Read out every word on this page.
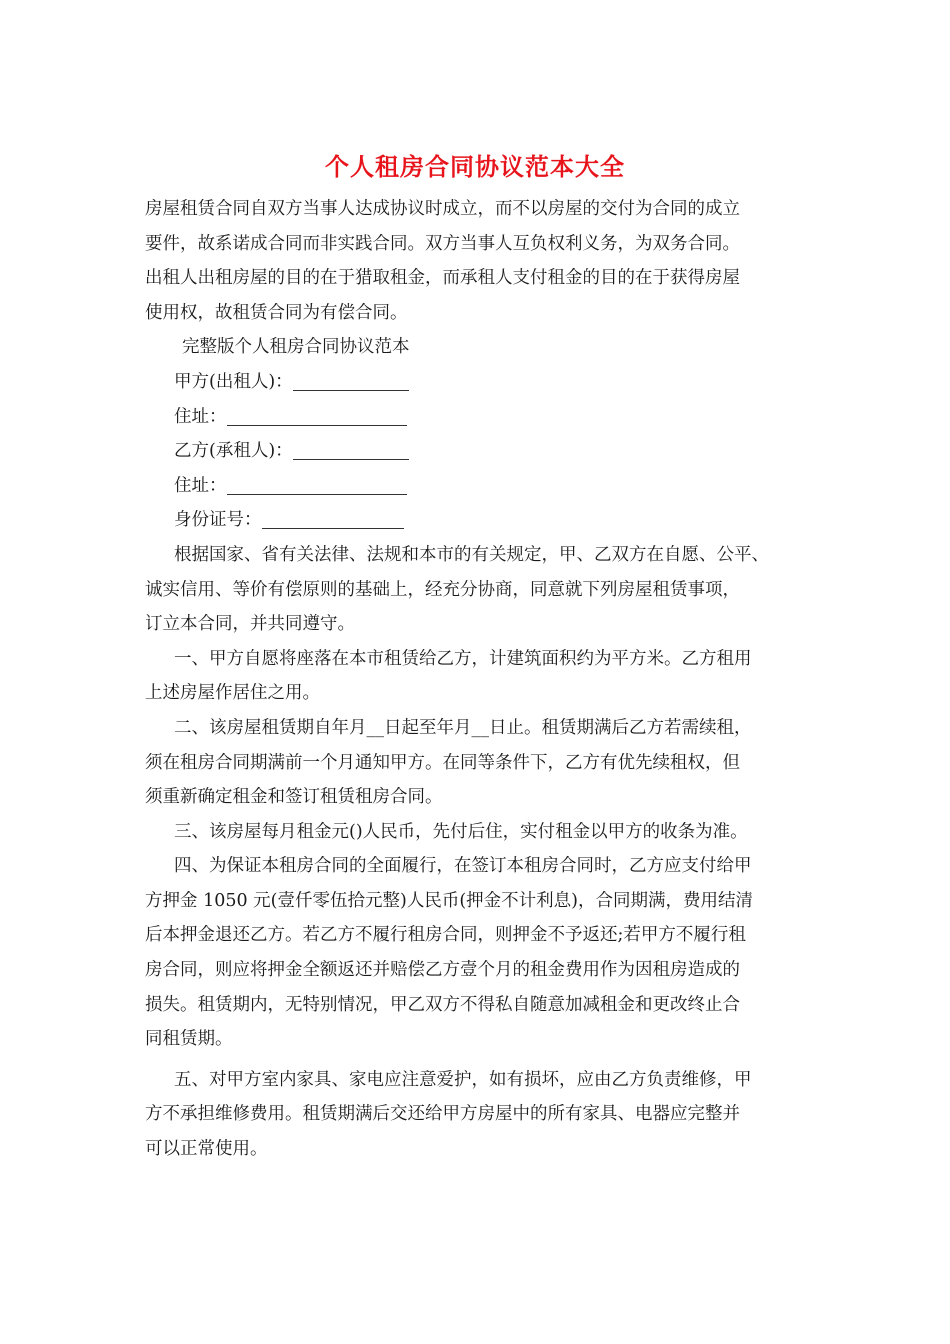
个人租房合同协议范本大全
房屋租赁合同自双方当事人达成协议时成立，而不以房屋的交付为合同的成立
要件，故系诺成合同而非实践合同。双方当事人互负权利义务，为双务合同。
出租人出租房屋的目的在于猎取租金，而承租人支付租金的目的在于获得房屋
使用权，故租赁合同为有偿合同。
完整版个人租房合同协议范本
甲方(出租人)：
住址：
乙方(承租人)：
住址：
身份证号：
根据国家、省有关法律、法规和本市的有关规定，甲、乙双方在自愿、公平、
诚实信用、等价有偿原则的基础上，经充分协商，同意就下列房屋租赁事项，
订立本合同，并共同遵守。
一、甲方自愿将座落在本市租赁给乙方，计建筑面积约为平方米。乙方租用
上述房屋作居住之用。
二、该房屋租赁期自年月__日起至年月__日止。租赁期满后乙方若需续租，
须在租房合同期满前一个月通知甲方。在同等条件下，乙方有优先续租权，但
须重新确定租金和签订租赁租房合同。
三、该房屋每月租金元()人民币，先付后住，实付租金以甲方的收条为准。
四、为保证本租房合同的全面履行，在签订本租房合同时，乙方应支付给甲
方押金 1050 元(壹仟零伍拾元整)人民币(押金不计利息)，合同期满，费用结清
后本押金退还乙方。若乙方不履行租房合同，则押金不予返还;若甲方不履行租
房合同，则应将押金全额返还并赔偿乙方壹个月的租金费用作为因租房造成的
损失。租赁期内，无特别情况，甲乙双方不得私自随意加减租金和更改终止合
同租赁期。
五、对甲方室内家具、家电应注意爱护，如有损坏，应由乙方负责维修，甲
方不承担维修费用。租赁期满后交还给甲方房屋中的所有家具、电器应完整并
可以正常使用。
